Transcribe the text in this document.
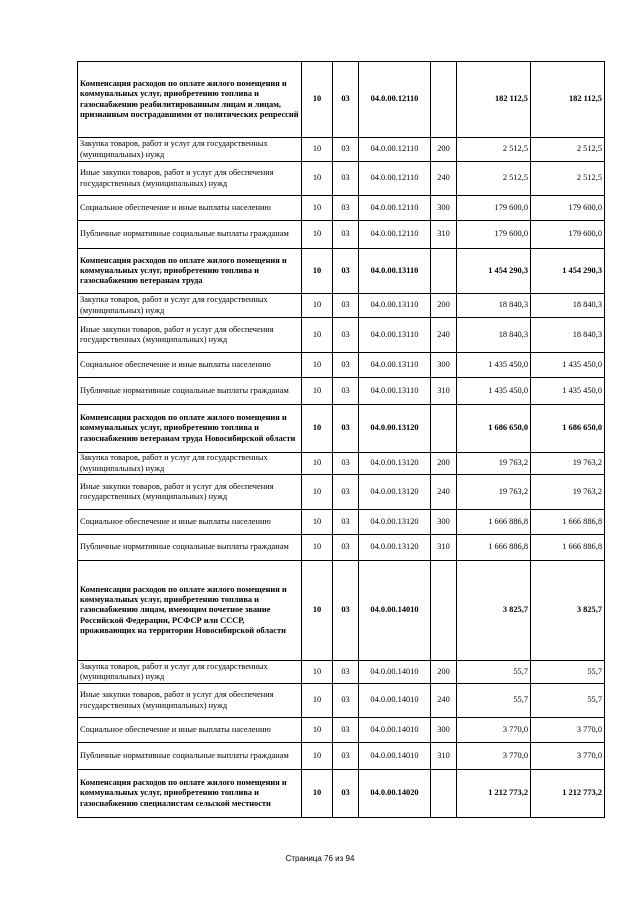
Компенсация расходов по оплате жилого помещения и коммунальных услуг, приобретению топлива и газоснабжению реабилитированным лицам и лицам, признанным пострадавшими от политических репрессий	10	03	04.0.00.12110		182 112,5	182 112,5
Закупка товаров, работ и услуг для государственных (муниципальных) нужд	10	03	04.0.00.12110	200	2 512,5	2 512,5
Иные закупки товаров, работ и услуг для обеспечения государственных (муниципальных) нужд	10	03	04.0.00.12110	240	2 512,5	2 512,5
Социальное обеспечение и иные выплаты населению	10	03	04.0.00.12110	300	179 600,0	179 600,0
Публичные нормативные социальные выплаты гражданам	10	03	04.0.00.12110	310	179 600,0	179 600,0
Компенсация расходов по оплате жилого помещения и коммунальных услуг, приобретению топлива и газоснабжению ветеранам труда	10	03	04.0.00.13110		1 454 290,3	1 454 290,3
Закупка товаров, работ и услуг для государственных (муниципальных) нужд	10	03	04.0.00.13110	200	18 840,3	18 840,3
Иные закупки товаров, работ и услуг для обеспечения государственных (муниципальных) нужд	10	03	04.0.00.13110	240	18 840,3	18 840,3
Социальное обеспечение и иные выплаты населению	10	03	04.0.00.13110	300	1 435 450,0	1 435 450,0
Публичные нормативные социальные выплаты гражданам	10	03	04.0.00.13110	310	1 435 450,0	1 435 450,0
Компенсация расходов по оплате жилого помещения и коммунальных услуг, приобретению топлива и газоснабжению ветеранам труда Новосибирской области	10	03	04.0.00.13120		1 686 650,0	1 686 650,0
Закупка товаров, работ и услуг для государственных (муниципальных) нужд	10	03	04.0.00.13120	200	19 763,2	19 763,2
Иные закупки товаров, работ и услуг для обеспечения государственных (муниципальных) нужд	10	03	04.0.00.13120	240	19 763,2	19 763,2
Социальное обеспечение и иные выплаты населению	10	03	04.0.00.13120	300	1 666 886,8	1 666 886,8
Публичные нормативные социальные выплаты гражданам	10	03	04.0.00.13120	310	1 666 886,8	1 666 886,8
Компенсация расходов по оплате жилого помещения и коммунальных услуг, приобретению топлива и газоснабжению лицам, имеющим почетное звание Российской Федерации, РСФСР или СССР, проживающих на территории Новосибирской области	10	03	04.0.00.14010		3 825,7	3 825,7
Закупка товаров, работ и услуг для государственных (муниципальных) нужд	10	03	04.0.00.14010	200	55,7	55,7
Иные закупки товаров, работ и услуг для обеспечения государственных (муниципальных) нужд	10	03	04.0.00.14010	240	55,7	55,7
Социальное обеспечение и иные выплаты населению	10	03	04.0.00.14010	300	3 770,0	3 770,0
Публичные нормативные социальные выплаты гражданам	10	03	04.0.00.14010	310	3 770,0	3 770,0
Компенсация расходов по оплате жилого помещения и коммунальных услуг, приобретению топлива и газоснабжению специалистам сельской местности	10	03	04.0.00.14020		1 212 773,2	1 212 773,2
Страница 76 из 94
